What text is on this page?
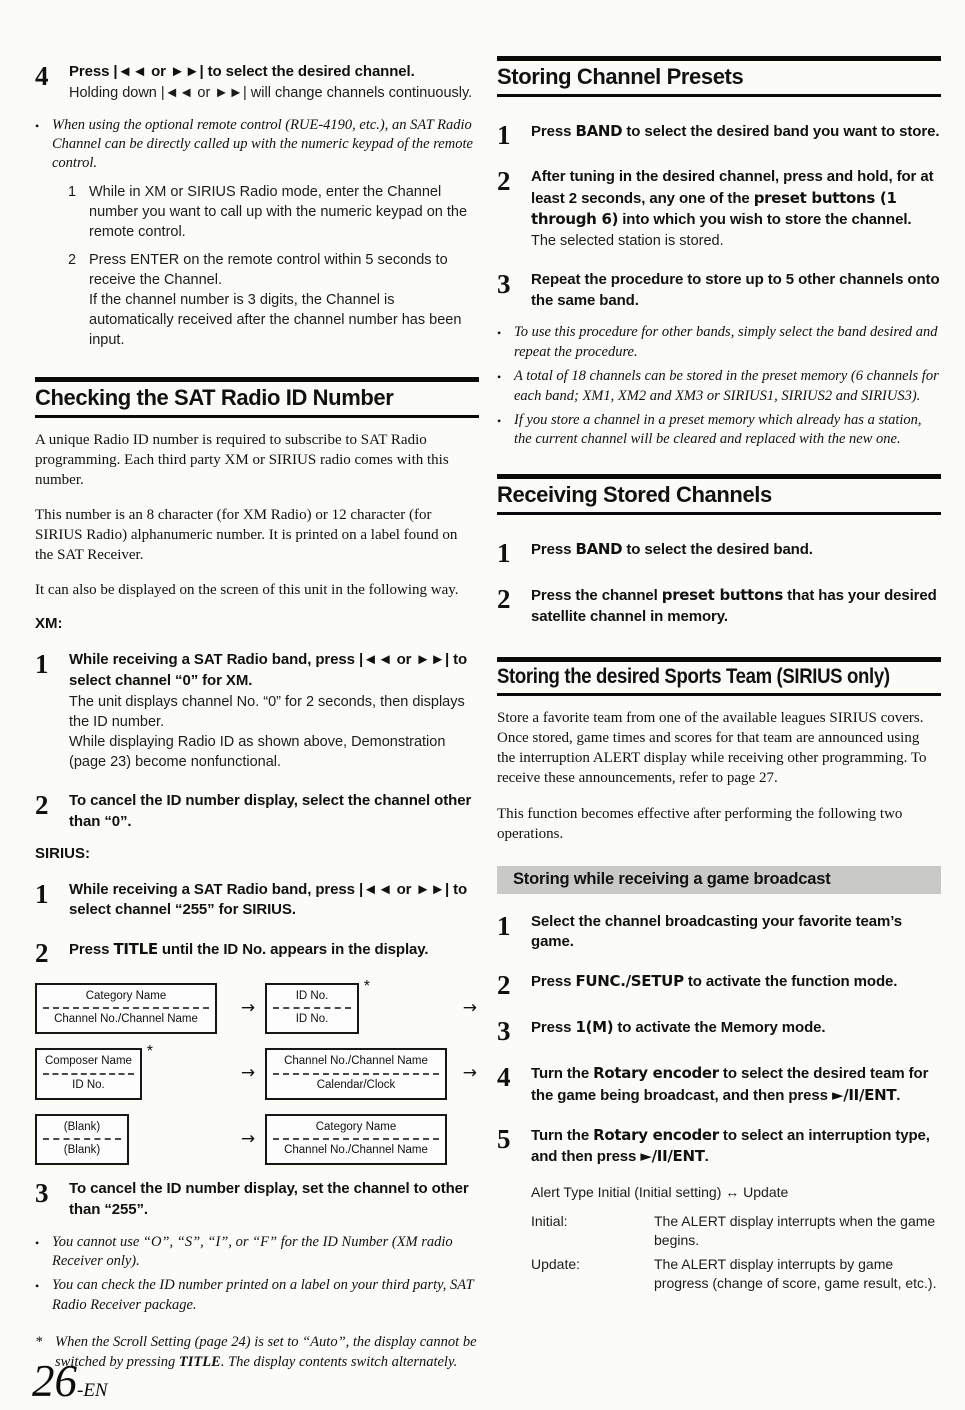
4	Press |◄◄ or ►►| to select the desired channel.
Holding down |◄◄ or ►►| will change channels continuously.
• When using the optional remote control (RUE-4190, etc.), an SAT Radio Channel can be directly called up with the numeric keypad of the remote control.
1 While in XM or SIRIUS Radio mode, enter the Channel number you want to call up with the numeric keypad on the remote control.
2 Press ENTER on the remote control within 5 seconds to receive the Channel.
If the channel number is 3 digits, the Channel is automatically received after the channel number has been input.
Checking the SAT Radio ID Number

A unique Radio ID number is required to subscribe to SAT Radio programming. Each third party XM or SIRIUS radio comes with this number.

This number is an 8 character (for XM Radio) or 12 character (for SIRIUS Radio) alphanumeric number. It is printed on a label found on the SAT Receiver.

It can also be displayed on the screen of this unit in the following way.

XM:
1	While receiving a SAT Radio band, press |◄◄ or ►►| to select channel “0” for XM.
The unit displays channel No. “0” for 2 seconds, then displays the ID number.
While displaying Radio ID as shown above, Demonstration (page 23) become nonfunctional.
2	To cancel the ID number display, select the channel other than “0”.
SIRIUS:
1	While receiving a SAT Radio band, press |◄◄ or ►►| to select channel “255” for SIRIUS.
2	Press TITLE until the ID No. appears in the display.
Category Name
Channel No./Channel Name
→
*
ID No.
ID No.
→
*
Composer Name
ID No.
→
Channel No./Channel Name
Calendar/Clock
→
(Blank)
(Blank)
→
Category Name
Channel No./Channel Name
3	To cancel the ID number display, set the channel to other than “255”.
• You cannot use “O”, “S”, “I”, or “F” for the ID Number (XM radio Receiver only).
• You can check the ID number printed on a label on your third party, SAT Radio Receiver package.
* When the Scroll Setting (page 24) is set to “Auto”, the display cannot be switched by pressing TITLE. The display contents switch alternately.
Storing Channel Presets
1	Press BAND to select the desired band you want to store.
2	After tuning in the desired channel, press and hold, for at least 2 seconds, any one of the preset buttons (1 through 6) into which you wish to store the channel.
The selected station is stored.
3	Repeat the procedure to store up to 5 other channels onto the same band.
• To use this procedure for other bands, simply select the band desired and repeat the procedure.
• A total of 18 channels can be stored in the preset memory (6 channels for each band; XM1, XM2 and XM3 or SIRIUS1, SIRIUS2 and SIRIUS3).
• If you store a channel in a preset memory which already has a station, the current channel will be cleared and replaced with the new one.
Receiving Stored Channels
1	Press BAND to select the desired band.
2	Press the channel preset buttons that has your desired satellite channel in memory.
Storing the desired Sports Team (SIRIUS only)

Store a favorite team from one of the available leagues SIRIUS covers. Once stored, game times and scores for that team are announced using the interruption ALERT display while receiving other programming. To receive these announcements, refer to page 27.

This function becomes effective after performing the following two operations.

Storing while receiving a game broadcast
1	Select the channel broadcasting your favorite team’s game.
2	Press FUNC./SETUP to activate the function mode.
3	Press 1(M) to activate the Memory mode.
4	Turn the Rotary encoder to select the desired team for the game being broadcast, and then press ►/II/ENT.
5	Turn the Rotary encoder to select an interruption type, and then press ►/II/ENT.
Alert Type Initial (Initial setting) ↔ Update
Initial:	The ALERT display interrupts when the game begins.
Update:	The ALERT display interrupts by game progress (change of score, game result, etc.).
26-EN
